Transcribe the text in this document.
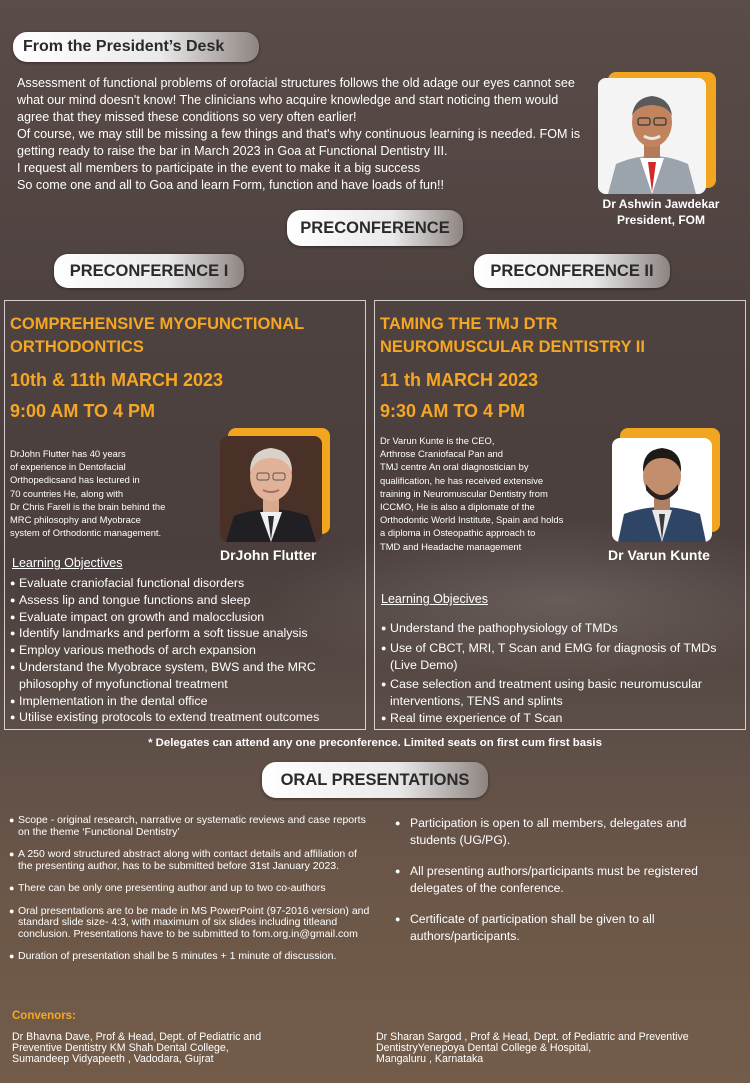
From the President’s Desk

Assessment of functional problems of orofacial structures follows the old adage our eyes cannot see what our mind doesn't know! The clinicians who acquire knowledge and start noticing them would agree that they missed these conditions so very often earlier!

Of course, we may still be missing a few things and that's why continuous learning is needed. FOM is getting ready to raise the bar in March 2023 in Goa at Functional Dentistry III.

I request all members to participate in the event to make it a big success

So come one and all to Goa and learn Form, function and have loads of fun!!

Dr Ashwin Jawdekar
President, FOM
PRECONFERENCE
PRECONFERENCE I	PRECONFERENCE II
COMPREHENSIVE MYOFUNCTIONAL
ORTHODONTICS
10th & 11th MARCH 2023
9:00 AM TO 4 PM
DrJohn Flutter has 40 years
of experience in Dentofacial
Orthopedicsand has lectured in
70 countries He, along with
Dr Chris Farell is the brain behind the
MRC philosophy and Myobrace
system of Orthodontic management.
DrJohn Flutter
Learning Objectives
● Evaluate craniofacial functional disorders
● Assess lip and tongue functions and sleep
● Evaluate impact on growth and malocclusion
● Identify landmarks and perform a soft tissue analysis
● Employ various methods of arch expansion
● Understand the Myobrace system, BWS and the MRC philosophy of myofunctional treatment
● Implementation in the dental office
● Utilise existing protocols to extend treatment outcomes
TAMING THE TMJ DTR
NEUROMUSCULAR DENTISTRY II
11 th MARCH 2023
9:30 AM TO 4 PM
Dr Varun Kunte is the CEO,
Arthrose Craniofacal Pan and
TMJ centre An oral diagnostician by
qualification, he has received extensive
training in Neuromuscular Dentistry from
ICCMO, He is also a diplomate of the
Orthodontic World Institute, Spain and holds
a diploma in Osteopathic approach to
TMD and Headache management
Dr Varun Kunte
Learning Objecives
● Understand the pathophysiology of TMDs
● Use of CBCT, MRI, T Scan and EMG for diagnosis of TMDs (Live Demo)
● Case selection and treatment using basic neuromuscular interventions, TENS and splints
● Real time experience of T Scan
* Delegates can attend any one preconference. Limited seats on first cum first basis
ORAL PRESENTATIONS
● Scope - original research, narrative or systematic reviews and case reports on the theme ‘Functional Dentistry’
● A 250 word structured abstract along with contact details and affiliation of the presenting author, has to be submitted before 31st January 2023.
● There can be only one presenting author and up to two co-authors
● Oral presentations are to be made in MS PowerPoint (97-2016 version) and standard slide size- 4:3, with maximum of six slides including titleand conclusion. Presentations have to be submitted to fom.org.in@gmail.com
● Duration of presentation shall be 5 minutes + 1 minute of discussion.
● Participation is open to all members, delegates and students (UG/PG).
● All presenting authors/participants must be registered delegates of the conference.
● Certificate of participation shall be given to all authors/participants.
Convenors:
Dr Bhavna Dave, Prof & Head, Dept. of Pediatric and
Preventive Dentistry KM Shah Dental College,
Sumandeep Vidyapeeth , Vadodara, Gujrat
Dr Sharan Sargod , Prof & Head, Dept. of Pediatric and Preventive
DentistryYenepoya Dental College & Hospital,
Mangaluru , Karnataka
